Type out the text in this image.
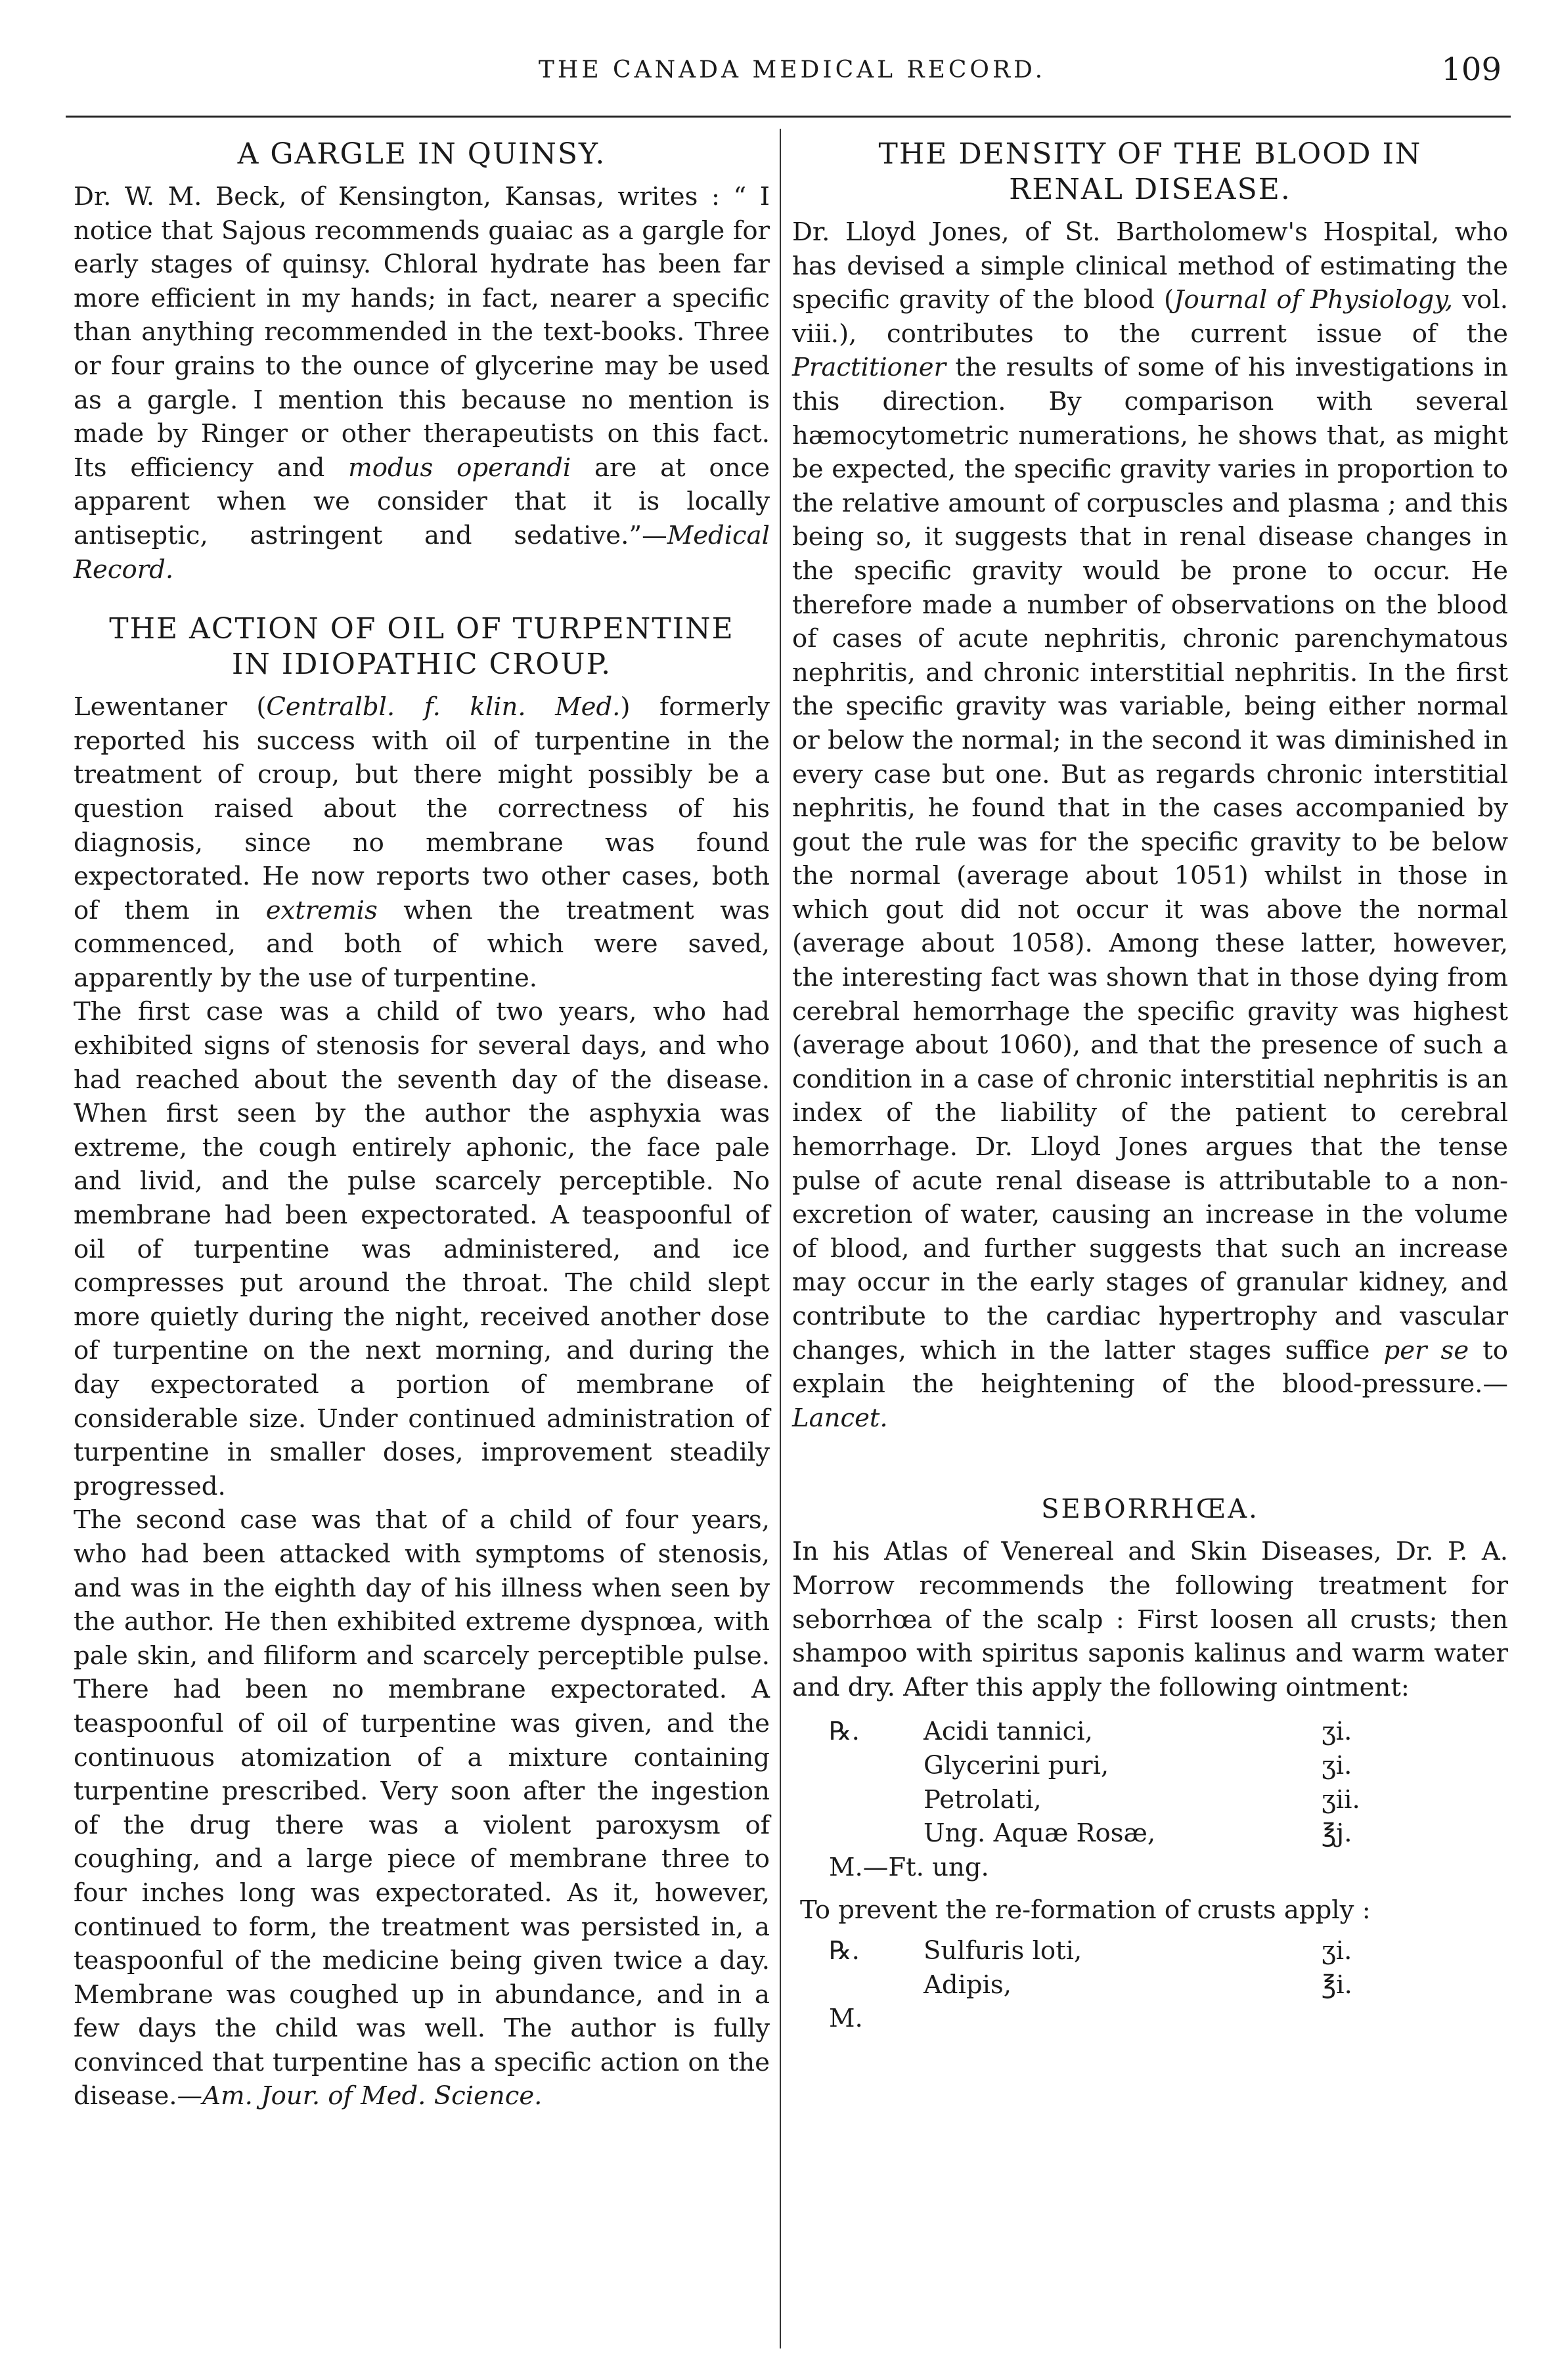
THE CANADA MEDICAL RECORD.	109
A GARGLE IN QUINSY.

Dr. W. M. Beck, of Kensington, Kansas, writes : “ I notice that Sajous recommends guaiac as a gargle for early stages of quinsy. Chloral hydrate has been far more efficient in my hands; in fact, nearer a specific than anything recommended in the text-books. Three or four grains to the ounce of glycerine may be used as a gargle. I mention this because no mention is made by Ringer or other therapeutists on this fact. Its efficiency and modus operandi are at once apparent when we consider that it is locally antiseptic, astringent and sedative.”—Medical Record.

THE ACTION OF OIL OF TURPENTINE
IN IDIOPATHIC CROUP.

Lewentaner (Centralbl. f. klin. Med.) formerly reported his success with oil of turpentine in the treatment of croup, but there might possibly be a question raised about the correctness of his diagnosis, since no membrane was found expectorated. He now reports two other cases, both of them in extremis when the treatment was commenced, and both of which were saved, apparently by the use of turpentine.

The first case was a child of two years, who had exhibited signs of stenosis for several days, and who had reached about the seventh day of the disease. When first seen by the author the asphyxia was extreme, the cough entirely aphonic, the face pale and livid, and the pulse scarcely perceptible. No membrane had been expectorated. A teaspoonful of oil of turpentine was administered, and ice compresses put around the throat. The child slept more quietly during the night, received another dose of turpentine on the next morning, and during the day expectorated a portion of membrane of considerable size. Under continued administration of turpentine in smaller doses, improvement steadily progressed.

The second case was that of a child of four years, who had been attacked with symptoms of stenosis, and was in the eighth day of his illness when seen by the author. He then exhibited extreme dyspnœa, with pale skin, and filiform and scarcely perceptible pulse. There had been no membrane expectorated. A teaspoonful of oil of turpentine was given, and the continuous atomization of a mixture containing turpentine prescribed. Very soon after the ingestion of the drug there was a violent paroxysm of coughing, and a large piece of membrane three to four inches long was expectorated. As it, however, continued to form, the treatment was persisted in, a teaspoonful of the medicine being given twice a day. Membrane was coughed up in abundance, and in a few days the child was well. The author is fully convinced that turpentine has a specific action on the disease.—Am. Jour. of Med. Science.

THE DENSITY OF THE BLOOD IN
RENAL DISEASE.

Dr. Lloyd Jones, of St. Bartholomew's Hospital, who has devised a simple clinical method of estimating the specific gravity of the blood (Journal of Physiology, vol. viii.), contributes to the current issue of the Practitioner the results of some of his investigations in this direction. By comparison with several hæmocytometric numerations, he shows that, as might be expected, the specific gravity varies in proportion to the relative amount of corpuscles and plasma ; and this being so, it suggests that in renal disease changes in the specific gravity would be prone to occur. He therefore made a number of observations on the blood of cases of acute nephritis, chronic parenchymatous nephritis, and chronic interstitial nephritis. In the first the specific gravity was variable, being either normal or below the normal; in the second it was diminished in every case but one. But as regards chronic interstitial nephritis, he found that in the cases accompanied by gout the rule was for the specific gravity to be below the normal (average about 1051) whilst in those in which gout did not occur it was above the normal (average about 1058). Among these latter, however, the interesting fact was shown that in those dying from cerebral hemorrhage the specific gravity was highest (average about 1060), and that the presence of such a condition in a case of chronic interstitial nephritis is an index of the liability of the patient to cerebral hemorrhage. Dr. Lloyd Jones argues that the tense pulse of acute renal disease is attributable to a non-excretion of water, causing an increase in the volume of blood, and further suggests that such an increase may occur in the early stages of granular kidney, and contribute to the cardiac hypertrophy and vascular changes, which in the latter stages suffice per se to explain the heightening of the blood-pressure.—Lancet.

SEBORRHŒA.

In his Atlas of Venereal and Skin Diseases, Dr. P. A. Morrow recommends the following treatment for seborrhœa of the scalp : First loosen all crusts; then shampoo with spiritus saponis kalinus and warm water and dry. After this apply the following ointment:

℞.	Acidi tannici,	ʒi.
Glycerini puri,	ʒi.
Petrolati,	ʒii.
Ung. Aquæ Rosæ,	℥j.
M.—Ft. ung.

To prevent the re-formation of crusts apply :

℞.	Sulfuris loti,	ʒi.
Adipis,	℥i.
M.
